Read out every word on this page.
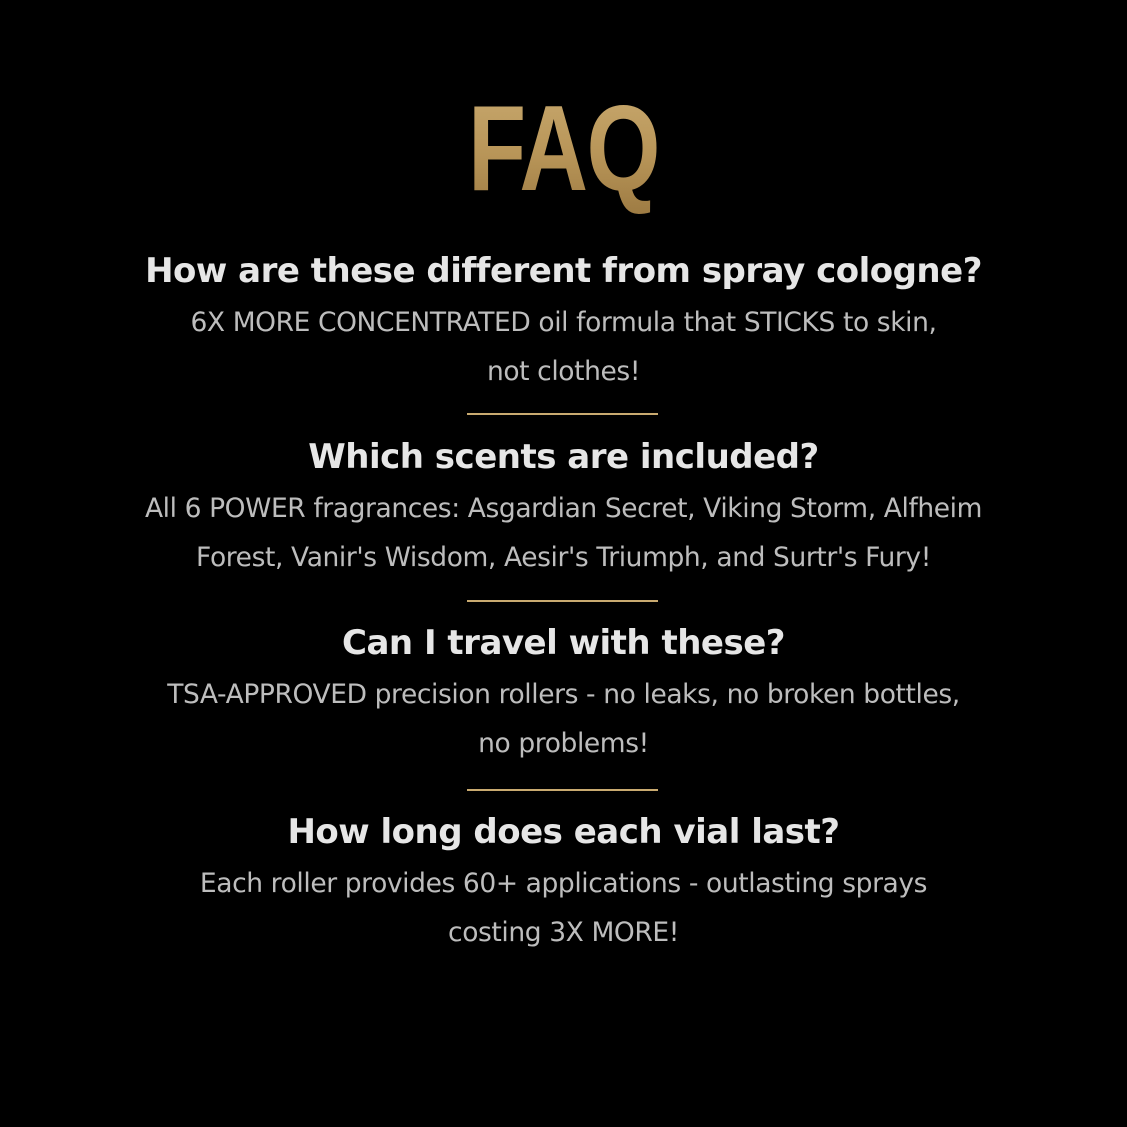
FAQ
How are these different from spray cologne?
6X MORE CONCENTRATED oil formula that STICKS to skin,
not clothes!
Which scents are included?
All 6 POWER fragrances: Asgardian Secret, Viking Storm, Alfheim
Forest, Vanir's Wisdom, Aesir's Triumph, and Surtr's Fury!
Can I travel with these?
TSA-APPROVED precision rollers - no leaks, no broken bottles,
no problems!
How long does each vial last?
Each roller provides 60+ applications - outlasting sprays
costing 3X MORE!
